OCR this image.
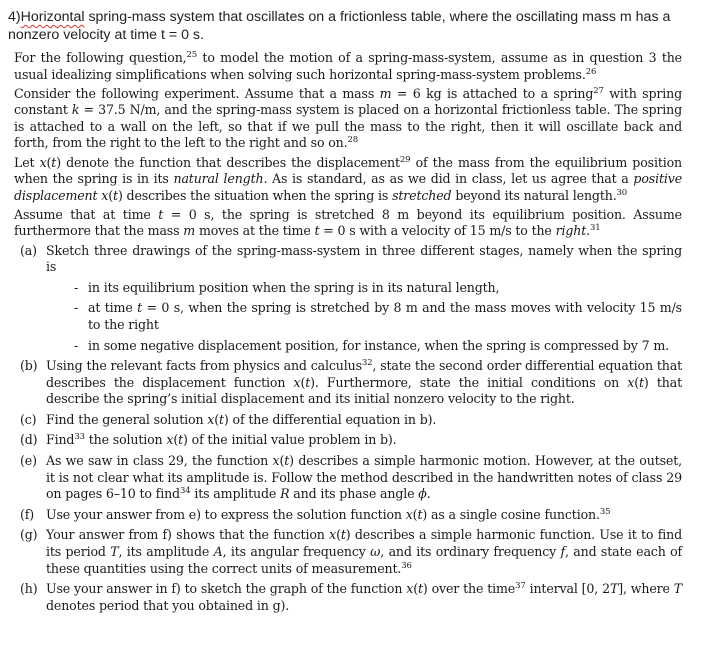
4)Horizontal spring-mass system that oscillates on a frictionless table, where the oscillating mass m has a nonzero velocity at time t = 0 s.

For the following question,$^{25}$ to model the motion of a spring-mass-system, assume as in question 3 the usual idealizing simplifications when solving such horizontal spring-mass-system problems.$^{26}$

Consider the following experiment. Assume that a mass m = 6 kg is attached to a spring$^{27}$ with spring constant k = 37.5 N/m, and the spring-mass system is placed on a horizontal frictionless table. The spring is attached to a wall on the left, so that if we pull the mass to the right, then it will oscillate back and forth, from the right to the left to the right and so on.$^{28}$

Let x(t) denote the function that describes the displacement$^{29}$ of the mass from the equilibrium position when the spring is in its natural length. As is standard, as as we did in class, let us agree that a positive displacement x(t) describes the situation when the spring is stretched beyond its natural length.$^{30}$

Assume that at time t = 0 s, the spring is stretched 8 m beyond its equilibrium position. Assume furthermore that the mass m moves at the time t = 0 s with a velocity of 15 m/s to the right.$^{31}$

(a) Sketch three drawings of the spring-mass-system in three different stages, namely when the spring is
- in its equilibrium position when the spring is in its natural length,
- at time t = 0 s, when the spring is stretched by 8 m and the mass moves with velocity 15 m/s to the right
- in some negative displacement position, for instance, when the spring is compressed by 7 m.
(b) Using the relevant facts from physics and calculus$^{32}$, state the second order differential equation that describes the displacement function x(t). Furthermore, state the initial conditions on x(t) that describe the spring’s initial displacement and its initial nonzero velocity to the right.
(c) Find the general solution x(t) of the differential equation in b).
(d) Find$^{33}$ the solution x(t) of the initial value problem in b).
(e) As we saw in class 29, the function x(t) describes a simple harmonic motion. However, at the outset, it is not clear what its amplitude is. Follow the method described in the handwritten notes of class 29 on pages 6–10 to find$^{34}$ its amplitude R and its phase angle ϕ.
(f) Use your answer from e) to express the solution function x(t) as a single cosine function.$^{35}$
(g) Your answer from f) shows that the function x(t) describes a simple harmonic function. Use it to find its period T, its amplitude A, its angular frequency ω, and its ordinary frequency f, and state each of these quantities using the correct units of measurement.$^{36}$
(h) Use your answer in f) to sketch the graph of the function x(t) over the time$^{37}$ interval [0, 2T], where T denotes period that you obtained in g).
